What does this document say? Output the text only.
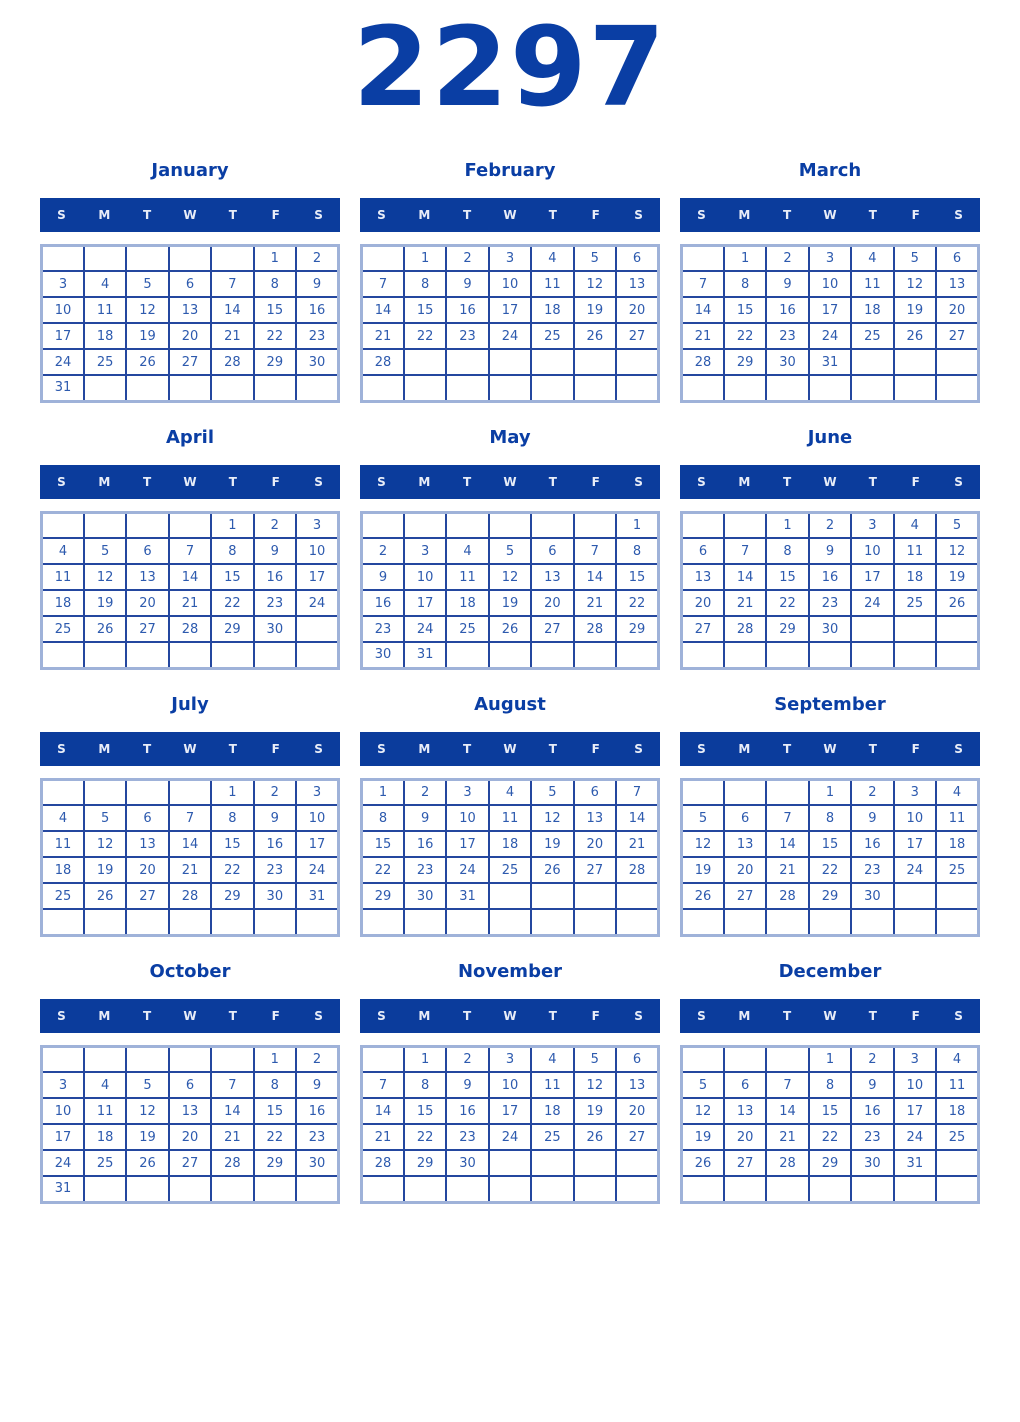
2297
January
S	M	T	W	T	F	S
					1	2
3	4	5	6	7	8	9
10	11	12	13	14	15	16
17	18	19	20	21	22	23
24	25	26	27	28	29	30
31						
February
S	M	T	W	T	F	S
	1	2	3	4	5	6
7	8	9	10	11	12	13
14	15	16	17	18	19	20
21	22	23	24	25	26	27
28						

March
S	M	T	W	T	F	S
	1	2	3	4	5	6
7	8	9	10	11	12	13
14	15	16	17	18	19	20
21	22	23	24	25	26	27
28	29	30	31			

April
S	M	T	W	T	F	S
				1	2	3
4	5	6	7	8	9	10
11	12	13	14	15	16	17
18	19	20	21	22	23	24
25	26	27	28	29	30	

May
S	M	T	W	T	F	S
						1
2	3	4	5	6	7	8
9	10	11	12	13	14	15
16	17	18	19	20	21	22
23	24	25	26	27	28	29
30	31					
June
S	M	T	W	T	F	S
		1	2	3	4	5
6	7	8	9	10	11	12
13	14	15	16	17	18	19
20	21	22	23	24	25	26
27	28	29	30			

July
S	M	T	W	T	F	S
				1	2	3
4	5	6	7	8	9	10
11	12	13	14	15	16	17
18	19	20	21	22	23	24
25	26	27	28	29	30	31

August
S	M	T	W	T	F	S
1	2	3	4	5	6	7
8	9	10	11	12	13	14
15	16	17	18	19	20	21
22	23	24	25	26	27	28
29	30	31				

September
S	M	T	W	T	F	S
			1	2	3	4
5	6	7	8	9	10	11
12	13	14	15	16	17	18
19	20	21	22	23	24	25
26	27	28	29	30		

October
S	M	T	W	T	F	S
					1	2
3	4	5	6	7	8	9
10	11	12	13	14	15	16
17	18	19	20	21	22	23
24	25	26	27	28	29	30
31						
November
S	M	T	W	T	F	S
	1	2	3	4	5	6
7	8	9	10	11	12	13
14	15	16	17	18	19	20
21	22	23	24	25	26	27
28	29	30				

December
S	M	T	W	T	F	S
			1	2	3	4
5	6	7	8	9	10	11
12	13	14	15	16	17	18
19	20	21	22	23	24	25
26	27	28	29	30	31	
